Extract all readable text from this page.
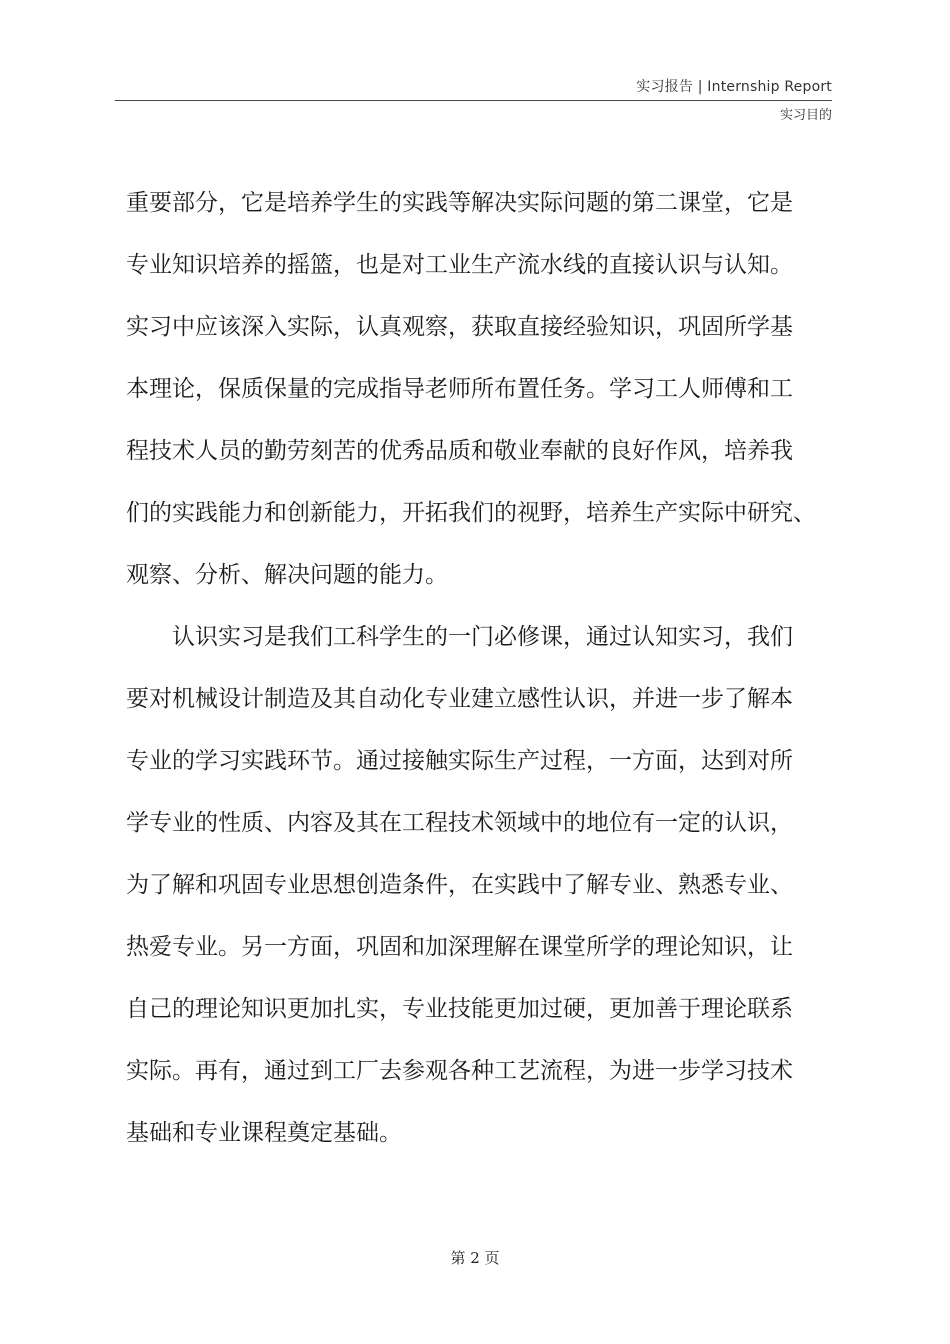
实习报告 | Internship Report
实习目的
重要部分，它是培养学生的实践等解决实际问题的第二课堂，它是
专业知识培养的摇篮，也是对工业生产流水线的直接认识与认知。
实习中应该深入实际，认真观察，获取直接经验知识，巩固所学基
本理论，保质保量的完成指导老师所布置任务。学习工人师傅和工
程技术人员的勤劳刻苦的优秀品质和敬业奉献的良好作风，培养我
们的实践能力和创新能力，开拓我们的视野，培养生产实际中研究、
观察、分析、解决问题的能力。
　　认识实习是我们工科学生的一门必修课，通过认知实习，我们
要对机械设计制造及其自动化专业建立感性认识，并进一步了解本
专业的学习实践环节。通过接触实际生产过程，一方面，达到对所
学专业的性质、内容及其在工程技术领域中的地位有一定的认识，
为了解和巩固专业思想创造条件，在实践中了解专业、熟悉专业、
热爱专业。另一方面，巩固和加深理解在课堂所学的理论知识，让
自己的理论知识更加扎实，专业技能更加过硬，更加善于理论联系
实际。再有，通过到工厂去参观各种工艺流程，为进一步学习技术
基础和专业课程奠定基础。
第 2 页
